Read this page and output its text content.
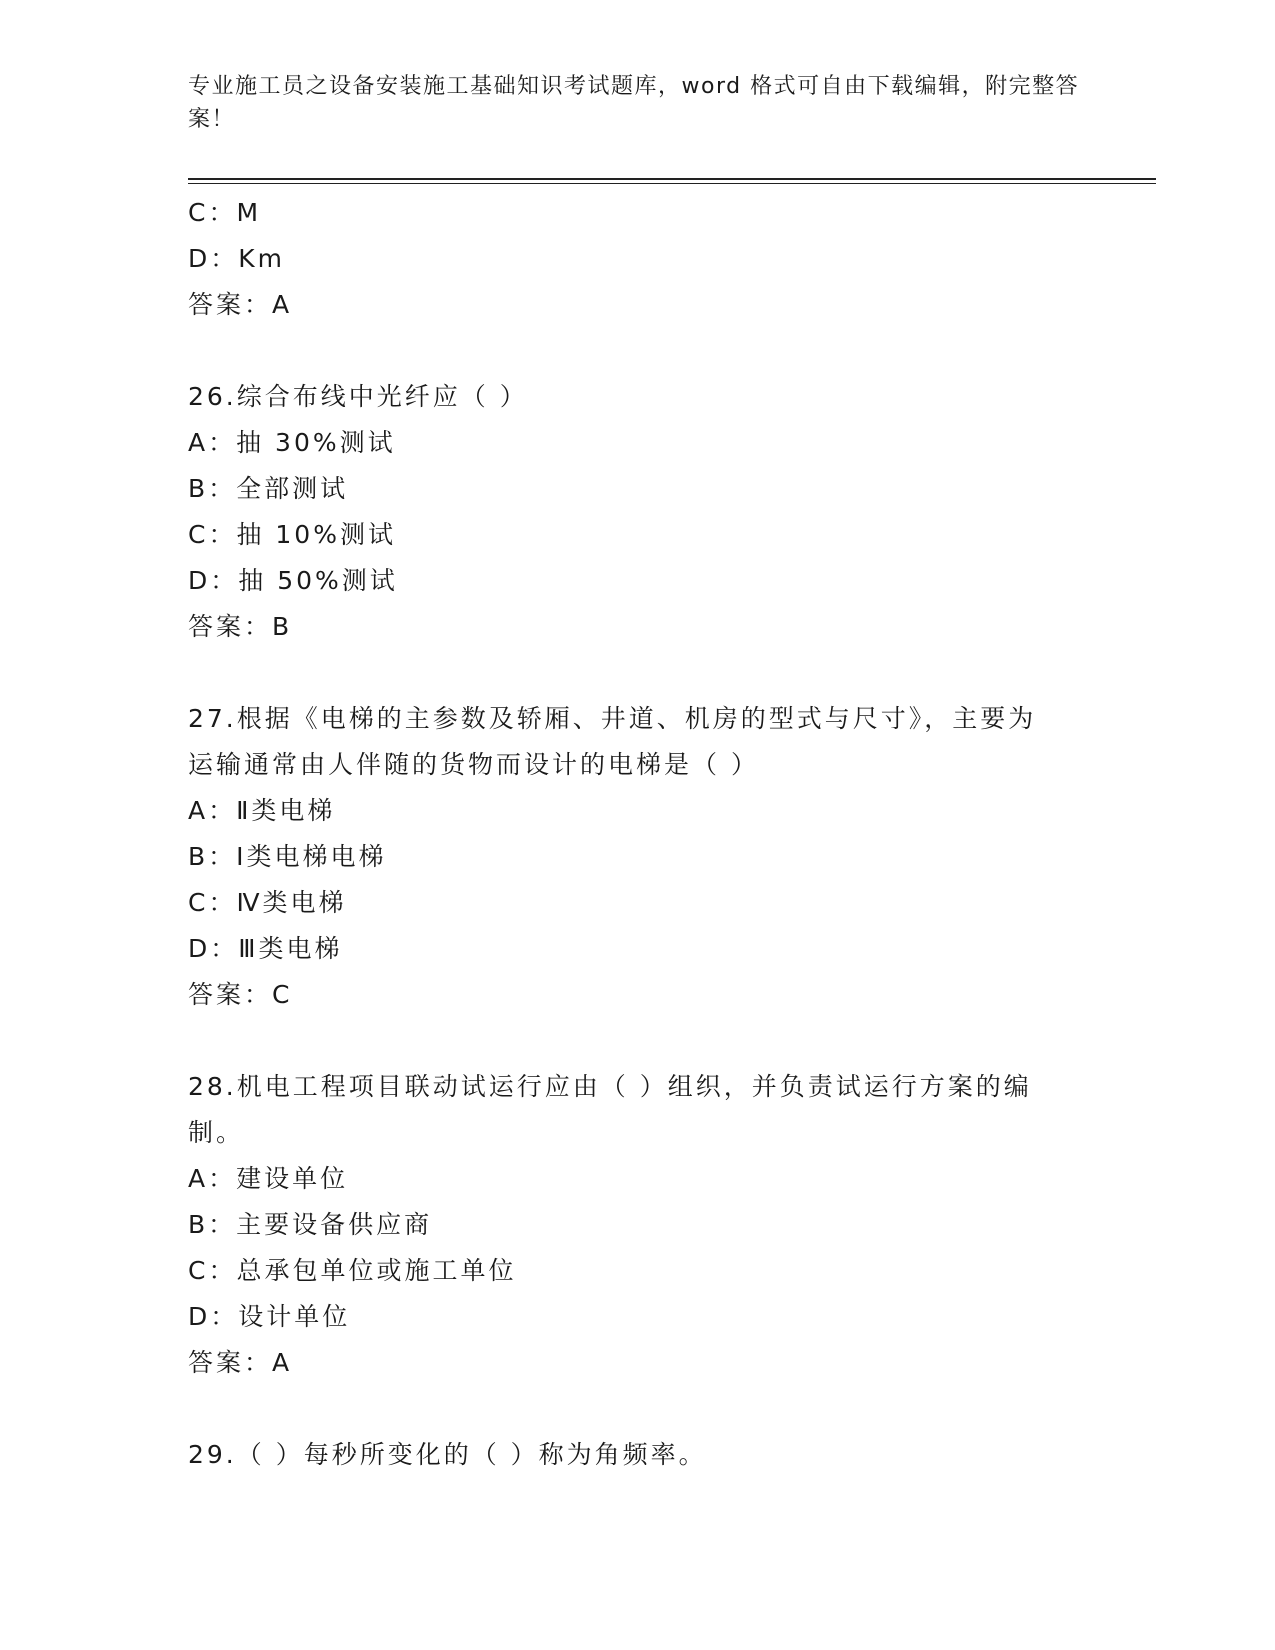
专业施工员之设备安装施工基础知识考试题库，word 格式可自由下载编辑，附完整答案！
C：M
D：Km
答案：A
26.综合布线中光纤应（ ）
A：抽 30%测试
B：全部测试
C：抽 10%测试
D：抽 50%测试
答案：B
27.根据《电梯的主参数及轿厢、井道、机房的型式与尺寸》，主要为
运输通常由人伴随的货物而设计的电梯是（ ）
A：Ⅱ类电梯
B：Ⅰ类电梯电梯
C：Ⅳ类电梯
D：Ⅲ类电梯
答案：C
28.机电工程项目联动试运行应由（ ）组织，并负责试运行方案的编
制。
A：建设单位
B：主要设备供应商
C：总承包单位或施工单位
D：设计单位
答案：A
29.（ ）每秒所变化的（ ）称为角频率。
